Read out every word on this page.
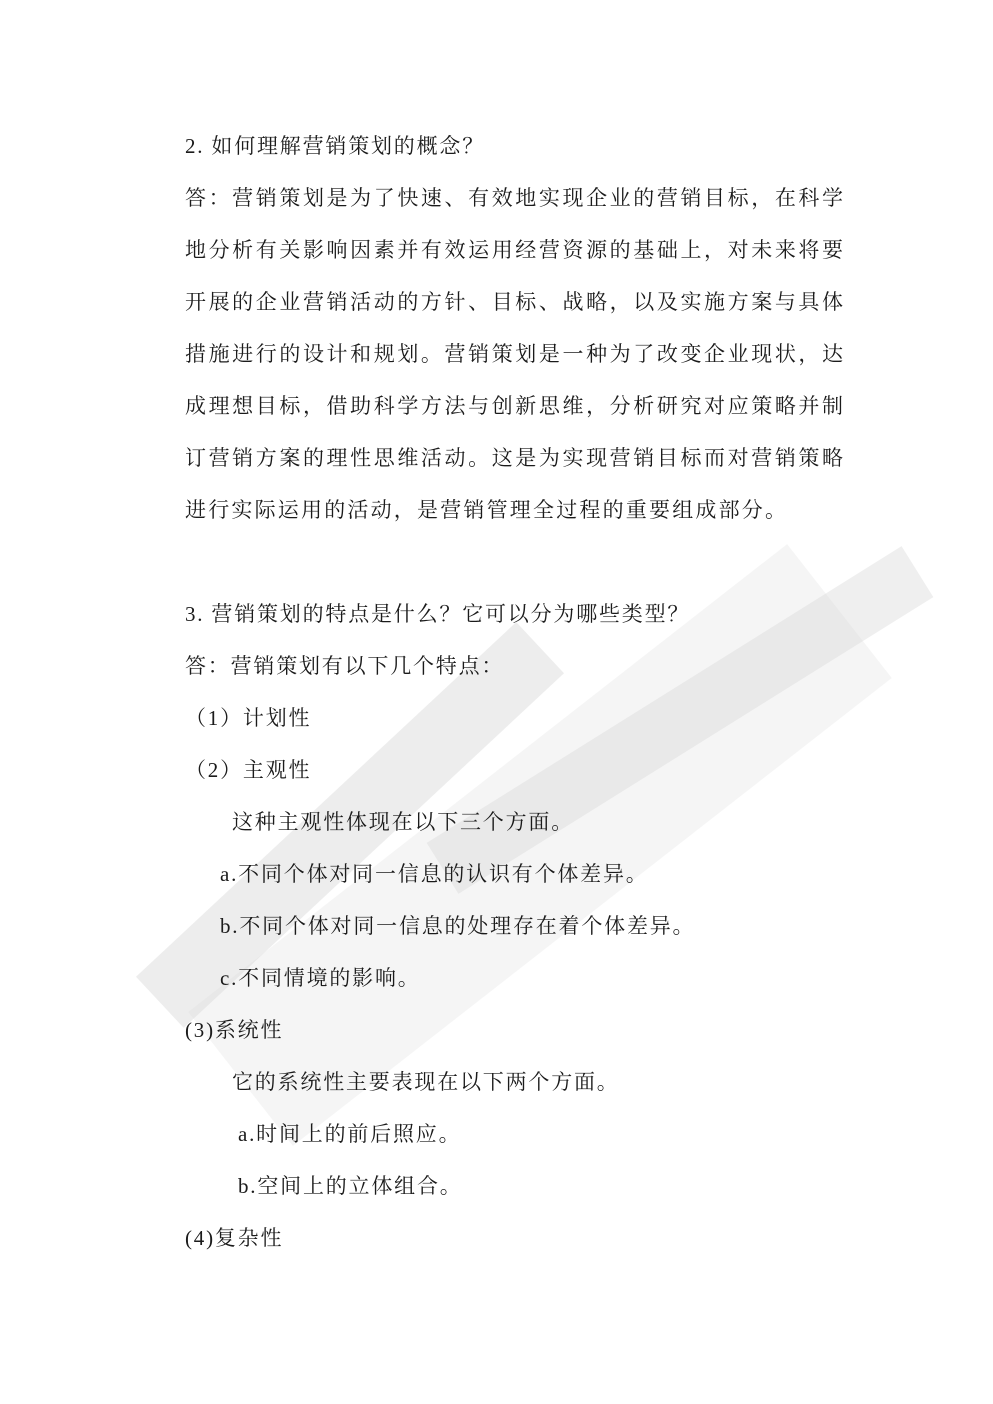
2. 如何理解营销策划的概念？
答：营销策划是为了快速、有效地实现企业的营销目标，在科学
地分析有关影响因素并有效运用经营资源的基础上，对未来将要
开展的企业营销活动的方针、目标、战略，以及实施方案与具体
措施进行的设计和规划。营销策划是一种为了改变企业现状，达
成理想目标，借助科学方法与创新思维，分析研究对应策略并制
订营销方案的理性思维活动。这是为实现营销目标而对营销策略
进行实际运用的活动，是营销管理全过程的重要组成部分。
3. 营销策划的特点是什么？它可以分为哪些类型？
答：营销策划有以下几个特点：
（1）计划性
（2）主观性
这种主观性体现在以下三个方面。
a.不同个体对同一信息的认识有个体差异。
b.不同个体对同一信息的处理存在着个体差异。
c.不同情境的影响。
(3)系统性
它的系统性主要表现在以下两个方面。
a.时间上的前后照应。
b.空间上的立体组合。
(4)复杂性
